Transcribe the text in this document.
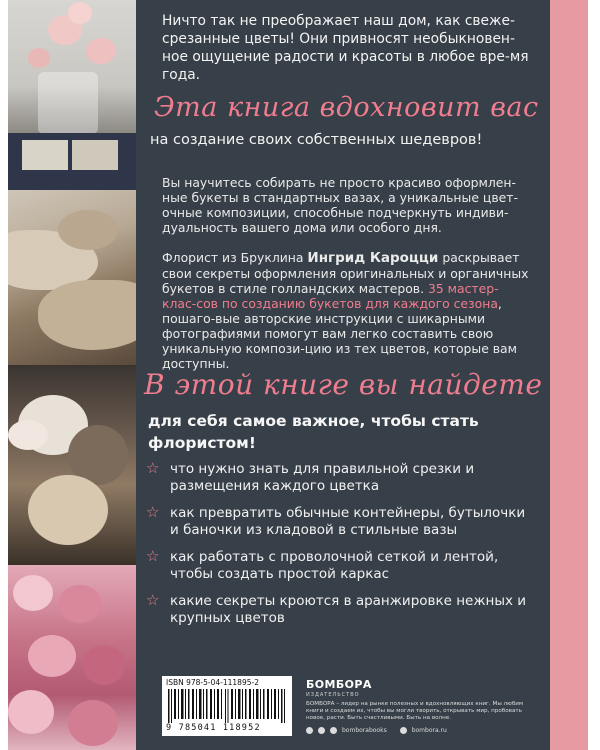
Ничто так не преображает наш дом, как свеже-срезанные цветы! Они привносят необыкновен-ное ощущение радости и красоты в любое вре-мя года.

Эта книга вдохновит вас
на создание своих собственных шедевров!

Вы научитесь собирать не просто красиво оформлен-ные букеты в стандартных вазах, а уникальные цвет-очные композиции, способные подчеркнуть индиви-дуальность вашего дома или особого дня.

Флорист из Бруклина Ингрид Кароцци раскрывает свои секреты оформления оригинальных и органичных букетов в стиле голландских мастеров. 35 мастер-клас-сов по созданию букетов для каждого сезона, пошаго-вые авторские инструкции с шикарными фотографиями помогут вам легко составить свою уникальную компози-цию из тех цветов, которые вам доступны.

В этой книге вы найдете
для себя самое важное, чтобы стать флористом!
☆ что нужно знать для правильной срезки и размещения каждого цветка
☆ как превратить обычные контейнеры, бутылочки и баночки из кладовой в стильные вазы
☆ как работать с проволочной сеткой и лентой, чтобы создать простой каркас
☆ какие секреты кроются в аранжировке нежных и крупных цветов
ISBN 978-5-04-111895-2
9 785041 118952
БОМБОРА
ИЗДАТЕЛЬСТВО
БОМБОРА – лидер на рынке полезных и вдохновляющих книг. Мы любим книги и создаем их, чтобы вы могли творить, открывать мир, пробовать новое, расти. Быть счастливыми. Быть на волне.
bomborabooks	bombora.ru
